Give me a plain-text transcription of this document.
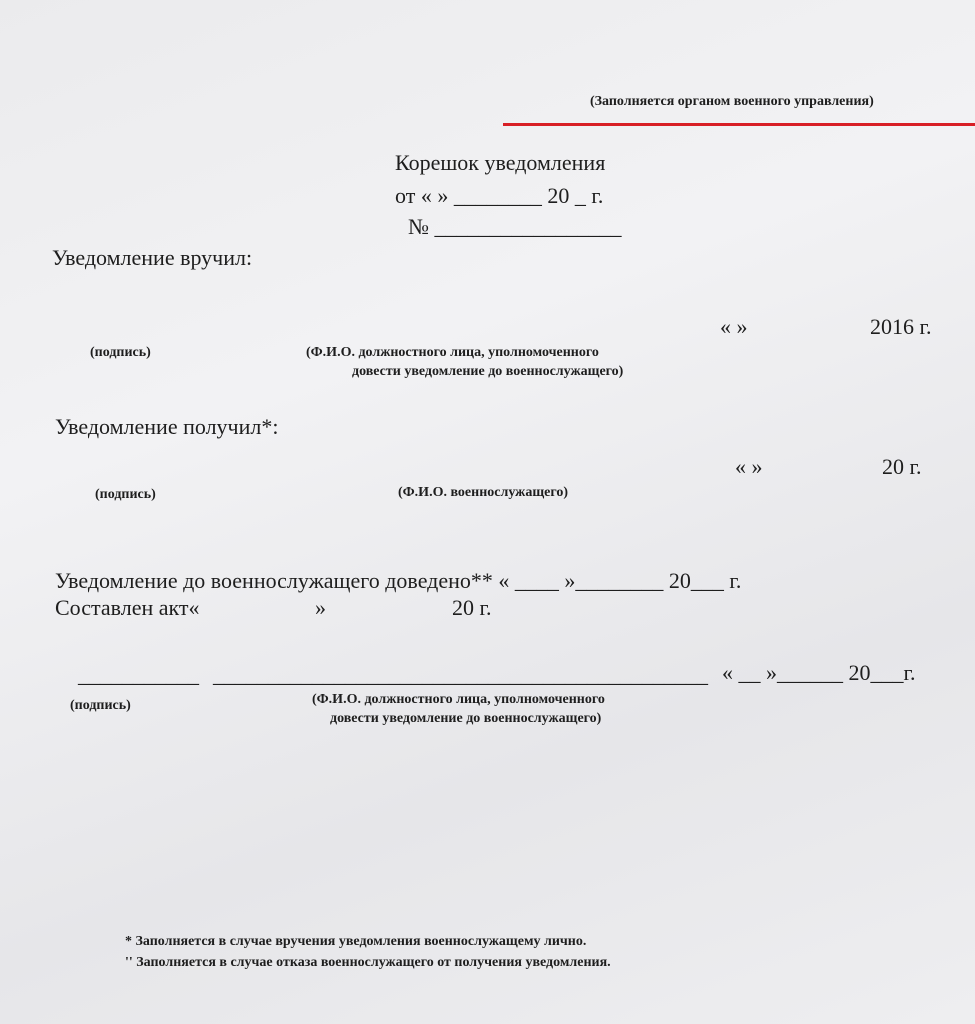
(Заполняется органом военного управления)
Корешок уведомления
от « » ________ 20 _ г.
№ _________________
Уведомление вручил:
« »	2016 г.
(подпись)	(Ф.И.О. должностного лица, уполномоченного
довести уведомление до военнослужащего)
Уведомление получил*:
« »	20 г.
(подпись)	(Ф.И.О. военнослужащего)
Уведомление до военнослужащего доведено** « ____ »________ 20___ г.
Составлен акт«	»	20 г.
___________ _____________________________________________ « __ »______ 20___г.
(подпись)	(Ф.И.О. должностного лица, уполномоченного
довести уведомление до военнослужащего)
* Заполняется в случае вручения уведомления военнослужащему лично.
'' Заполняется в случае отказа военнослужащего от получения уведомления.
